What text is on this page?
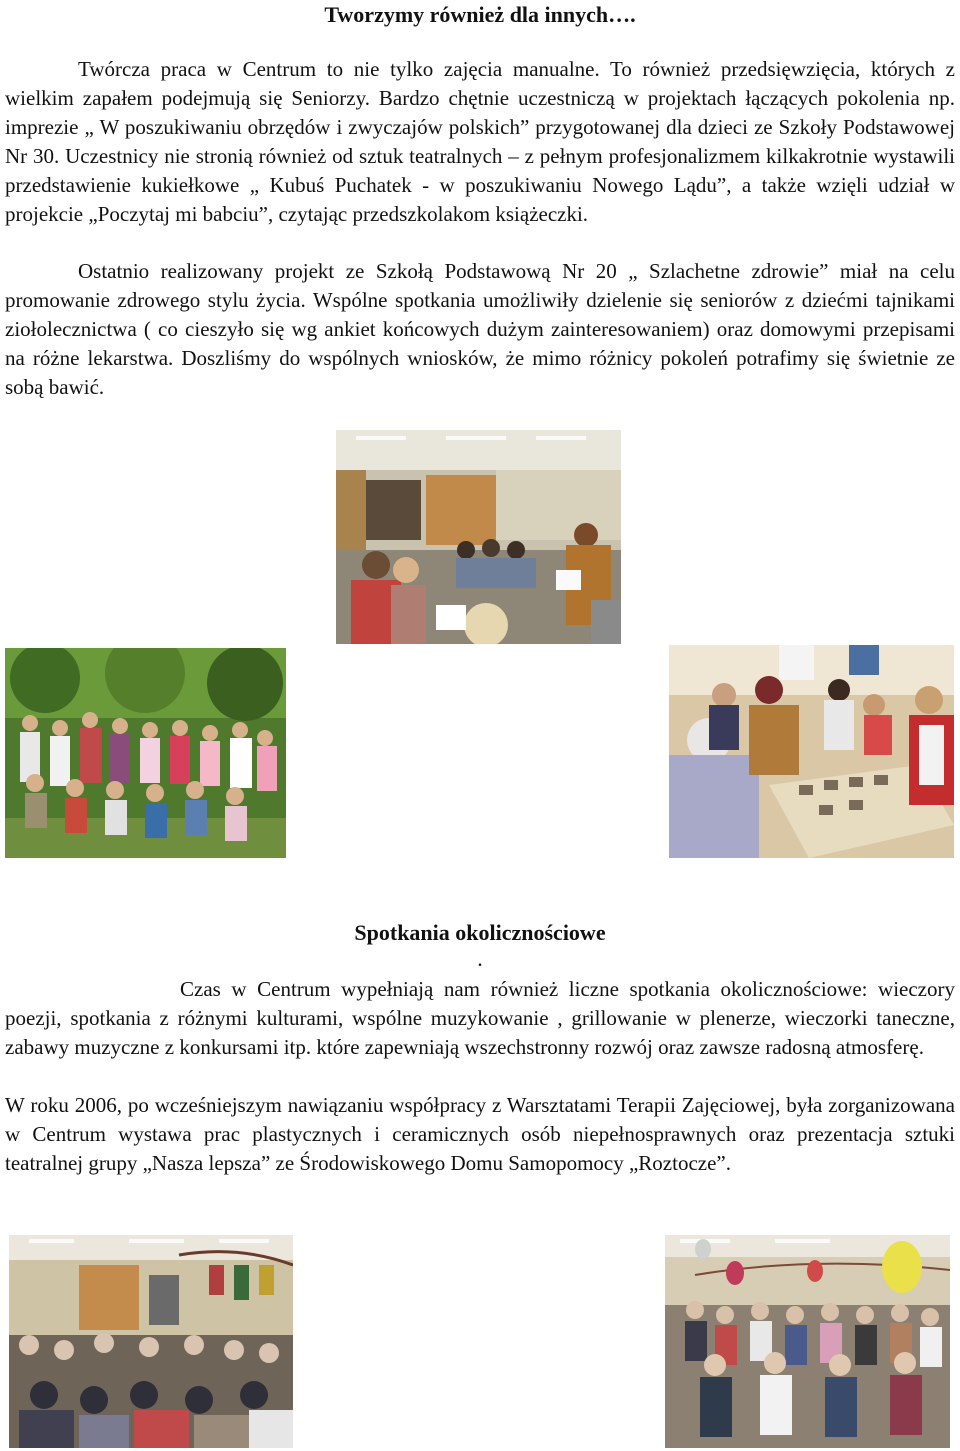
Tworzymy również dla innych….

Twórcza praca w Centrum to nie tylko zajęcia manualne. To również przedsięwzięcia, których z wielkim zapałem podejmują się Seniorzy. Bardzo chętnie uczestniczą w projektach łączących pokolenia np. imprezie „ W poszukiwaniu obrzędów i zwyczajów polskich” przygotowanej dla dzieci ze Szkoły Podstawowej Nr 30. Uczestnicy nie stronią również od sztuk teatralnych – z pełnym profesjonalizmem kilkakrotnie wystawili przedstawienie kukiełkowe „ Kubuś Puchatek - w poszukiwaniu Nowego Lądu”, a także wzięli udział w projekcie „Poczytaj mi babciu”, czytając przedszkolakom książeczki.

Ostatnio realizowany projekt ze Szkołą Podstawową Nr 20 „ Szlachetne zdrowie” miał na celu promowanie zdrowego stylu życia. Wspólne spotkania umożliwiły dzielenie się seniorów z dziećmi tajnikami ziołolecznictwa ( co cieszyło się wg ankiet końcowych dużym zainteresowaniem) oraz domowymi przepisami na różne lekarstwa. Doszliśmy do wspólnych wniosków, że mimo różnicy pokoleń potrafimy się świetnie ze sobą bawić.

Spotkania okolicznościowe
.

Czas w Centrum wypełniają nam również liczne spotkania okolicznościowe: wieczory poezji, spotkania z różnymi kulturami, wspólne muzykowanie , grillowanie w plenerze, wieczorki taneczne, zabawy muzyczne z konkursami itp. które zapewniają wszechstronny rozwój oraz zawsze radosną atmosferę.

W roku 2006, po wcześniejszym nawiązaniu współpracy z Warsztatami Terapii Zajęciowej, była zorganizowana w Centrum wystawa prac plastycznych i ceramicznych osób niepełnosprawnych oraz prezentacja sztuki teatralnej grupy „Nasza lepsza” ze Środowiskowego Domu Samopomocy „Roztocze”.
